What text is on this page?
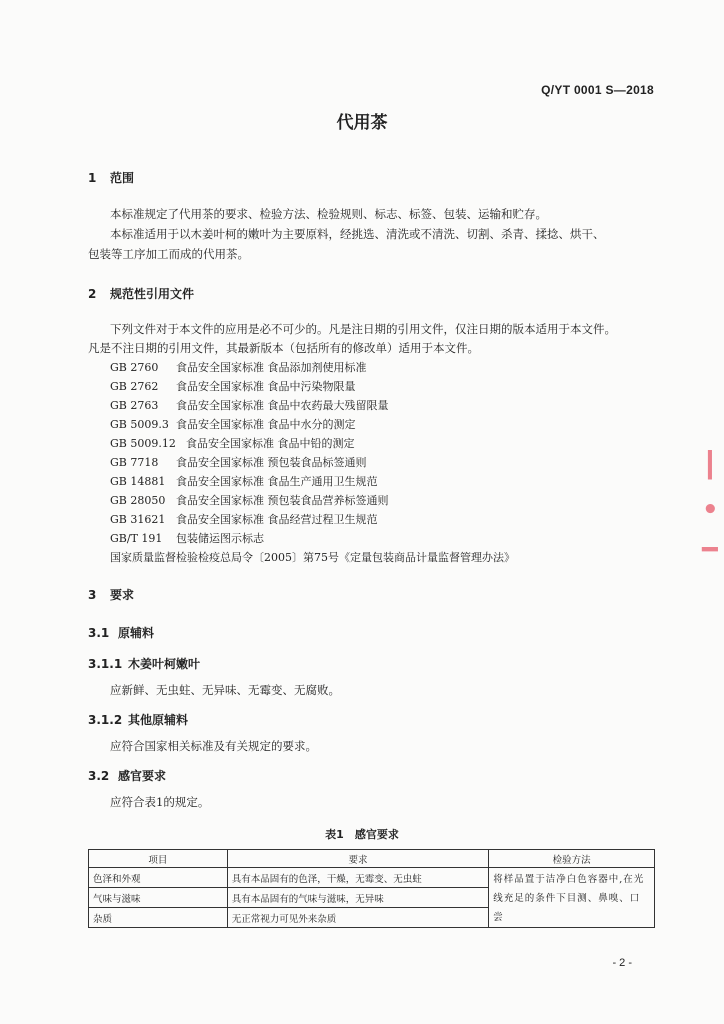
Q/YT 0001 S—2018
代用茶
1 范围
本标准规定了代用茶的要求、检验方法、检验规则、标志、标签、包装、运输和贮存。
本标准适用于以木姜叶柯的嫩叶为主要原料，经挑选、清洗或不清洗、切割、杀青、揉捻、烘干、
包装等工序加工而成的代用茶。
2 规范性引用文件
下列文件对于本文件的应用是必不可少的。凡是注日期的引用文件，仅注日期的版本适用于本文件。
凡是不注日期的引用文件，其最新版本（包括所有的修改单）适用于本文件。
GB 2760 食品安全国家标准 食品添加剂使用标准
GB 2762 食品安全国家标准 食品中污染物限量
GB 2763 食品安全国家标准 食品中农药最大残留限量
GB 5009.3 食品安全国家标准 食品中水分的测定
GB 5009.12 食品安全国家标准 食品中铅的测定
GB 7718 食品安全国家标准 预包装食品标签通则
GB 14881 食品安全国家标准 食品生产通用卫生规范
GB 28050 食品安全国家标准 预包装食品营养标签通则
GB 31621 食品安全国家标准 食品经营过程卫生规范
GB/T 191 包装储运图示标志
国家质量监督检验检疫总局令〔2005〕第75号《定量包装商品计量监督管理办法》
3 要求
3.1 原辅料
3.1.1 木姜叶柯嫩叶
应新鲜、无虫蛀、无异味、无霉变、无腐败。
3.1.2 其他原辅料
应符合国家相关标准及有关规定的要求。
3.2 感官要求
应符合表1的规定。
表1　感官要求
项目	要求	检验方法
色泽和外观	具有本品固有的色泽，干燥，无霉变、无虫蛀	将样品置于洁净白色容器中,在光线充足的条件下目测、鼻嗅、口尝
气味与滋味	具有本品固有的气味与滋味，无异味	
杂质	无正常视力可见外来杂质	
- 2 -
┃
•
━
